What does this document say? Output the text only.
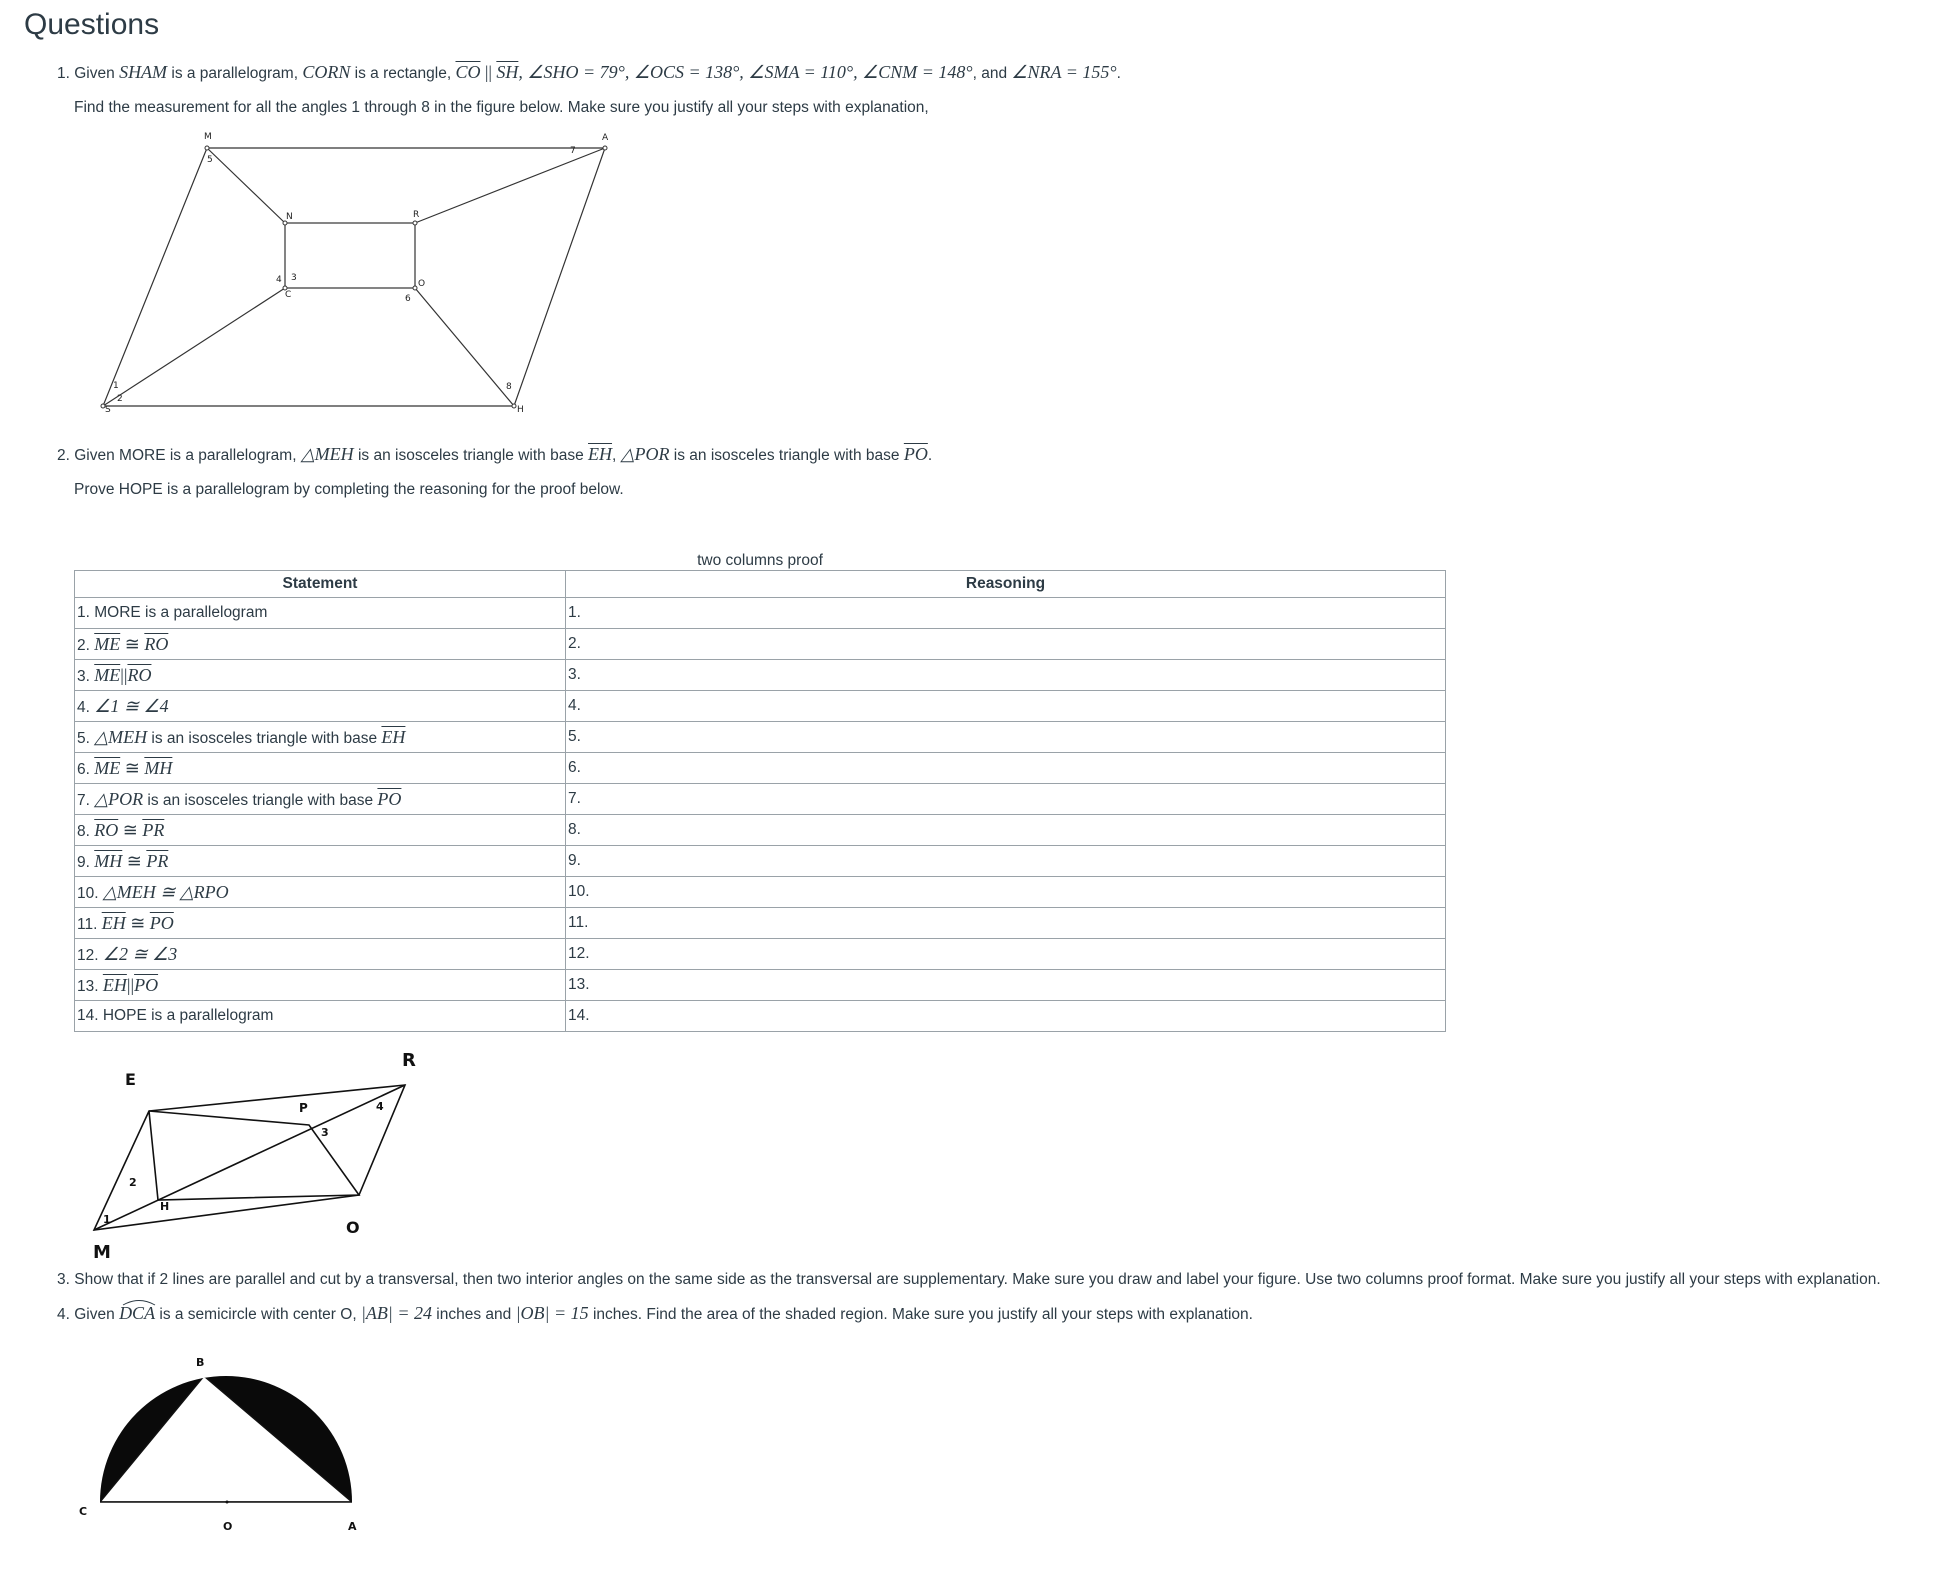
Questions
1. Given SHAM is a parallelogram, CORN is a rectangle, $\overline{CO}$ || $\overline{SH}$, ∠SHO = 79°, ∠OCS = 138°, ∠SMA = 110°, ∠CNM = 148°, and ∠NRA = 155°.
Find the measurement for all the angles 1 through 8 in the figure below. Make sure you justify all your steps with explanation,
M	A
S	H
N	R
C
O
1
2
3
4
5
6
7
8
2. Given MORE is a parallelogram, △MEH is an isosceles triangle with base $\overline{EH}$, △POR is an isosceles triangle with base $\overline{PO}$.
Prove HOPE is a parallelogram by completing the reasoning for the proof below.
two columns proof
Statement	Reasoning
1. MORE is a parallelogram	1.
2. $\overline{ME}$ ≅ $\overline{RO}$	2.
3. $\overline{ME}||\overline{RO}$	3.
4. ∠1 ≅ ∠4	4.
5. △MEH is an isosceles triangle with base $\overline{EH}$	5.
6. $\overline{ME}$ ≅ $\overline{MH}$	6.
7. △POR is an isosceles triangle with base $\overline{PO}$	7.
8. $\overline{RO}$ ≅ $\overline{PR}$	8.
9. $\overline{MH}$ ≅ $\overline{PR}$	9.
10. △MEH ≅ △RPO	10.
11. $\overline{EH}$ ≅ $\overline{PO}$	11.
12. ∠2 ≅ ∠3	12.
13. $\overline{EH}||\overline{PO}$	13.
14. HOPE is a parallelogram	14.
R
E
P
O
M
H
1
2
3
4
3. Show that if 2 lines are parallel and cut by a transversal, then two interior angles on the same side as the transversal are supplementary. Make sure you draw and label your figure. Use two columns proof format. Make sure you justify all your steps with explanation.
4. Given DCA is a semicircle with center O, |AB| = 24 inches and |OB| = 15 inches. Find the area of the shaded region. Make sure you justify all your steps with explanation.
B
C
O	A
